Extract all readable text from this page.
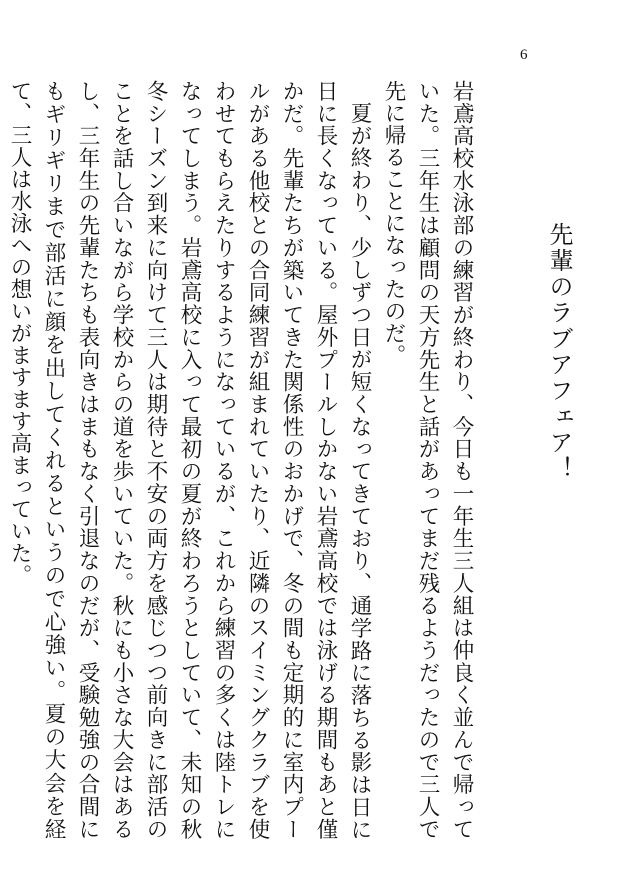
6
先輩のラブアフェア！

岩鳶高校水泳部の練習が終わり、今日も一年生三人組は仲良く並んで帰っていた。三年生は顧問の天方先生と話があってまだ残るようだったので三人で先に帰ることになったのだ。

夏が終わり、少しずつ日が短くなってきており、通学路に落ちる影は日に日に長くなっている。屋外プールしかない岩鳶高校では泳げる期間もあと僅かだ。先輩たちが築いてきた関係性のおかげで、冬の間も定期的に室内プールがある他校との合同練習が組まれていたり、近隣のスイミングクラブを使わせてもらえたりするようになっているが、これから練習の多くは陸トレになってしまう。岩鳶高校に入って最初の夏が終わろうとしていて、未知の秋冬シーズン到来に向けて三人は期待と不安の両方を感じつつ前向きに部活のことを話し合いながら学校からの道を歩いていた。秋にも小さな大会はあるし、三年生の先輩たちも表向きはまもなく引退なのだが、受験勉強の合間にもギリギリまで部活に顔を出してくれるというので心強い。夏の大会を経て、三人は水泳への想いがますます高まっていた。
